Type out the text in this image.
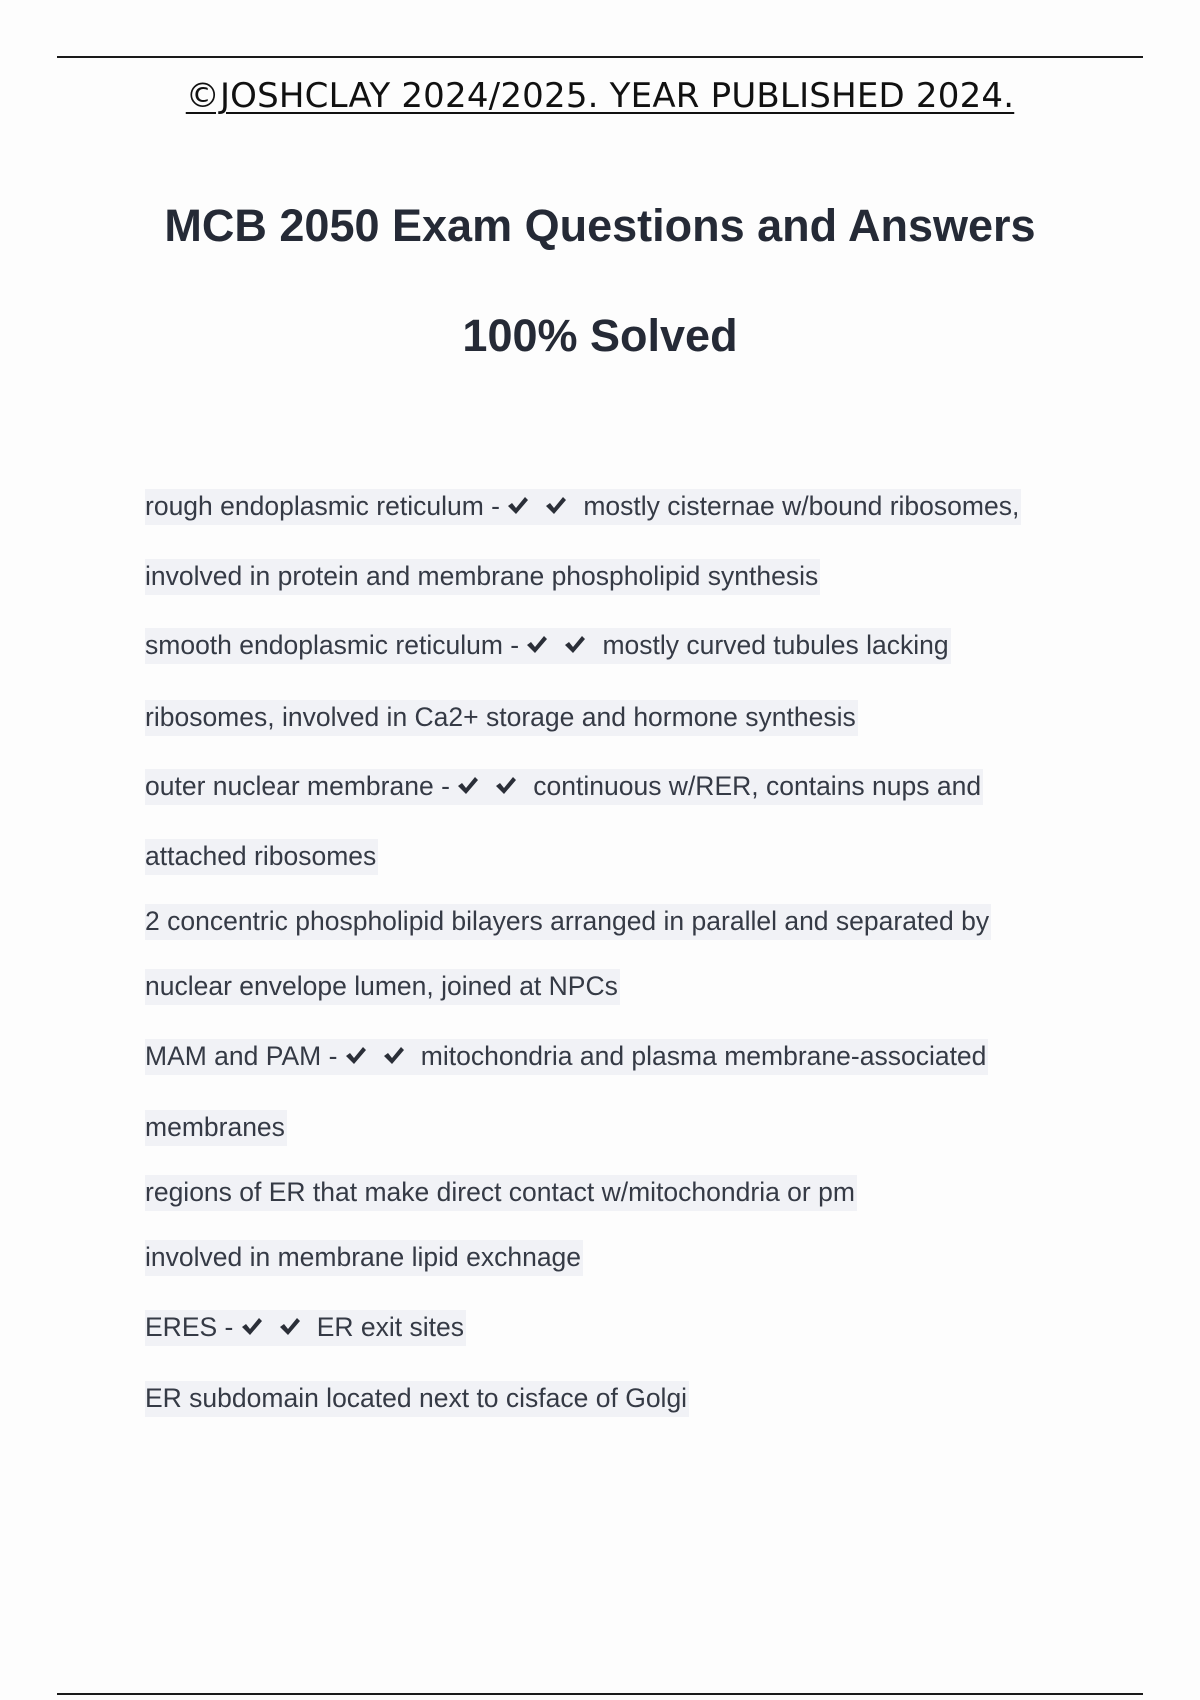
©JOSHCLAY 2024/2025. YEAR PUBLISHED 2024.
MCB 2050 Exam Questions and Answers
100% Solved
rough endoplasmic reticulum -	mostly cisternae w/bound ribosomes,
involved in protein and membrane phospholipid synthesis
smooth endoplasmic reticulum -	mostly curved tubules lacking
ribosomes, involved in Ca2+ storage and hormone synthesis
outer nuclear membrane -	continuous w/RER, contains nups and
attached ribosomes
2 concentric phospholipid bilayers arranged in parallel and separated by
nuclear envelope lumen, joined at NPCs
MAM and PAM -	mitochondria and plasma membrane-associated
membranes
regions of ER that make direct contact w/mitochondria or pm
involved in membrane lipid exchnage
ERES -	ER exit sites
ER subdomain located next to cisface of Golgi
